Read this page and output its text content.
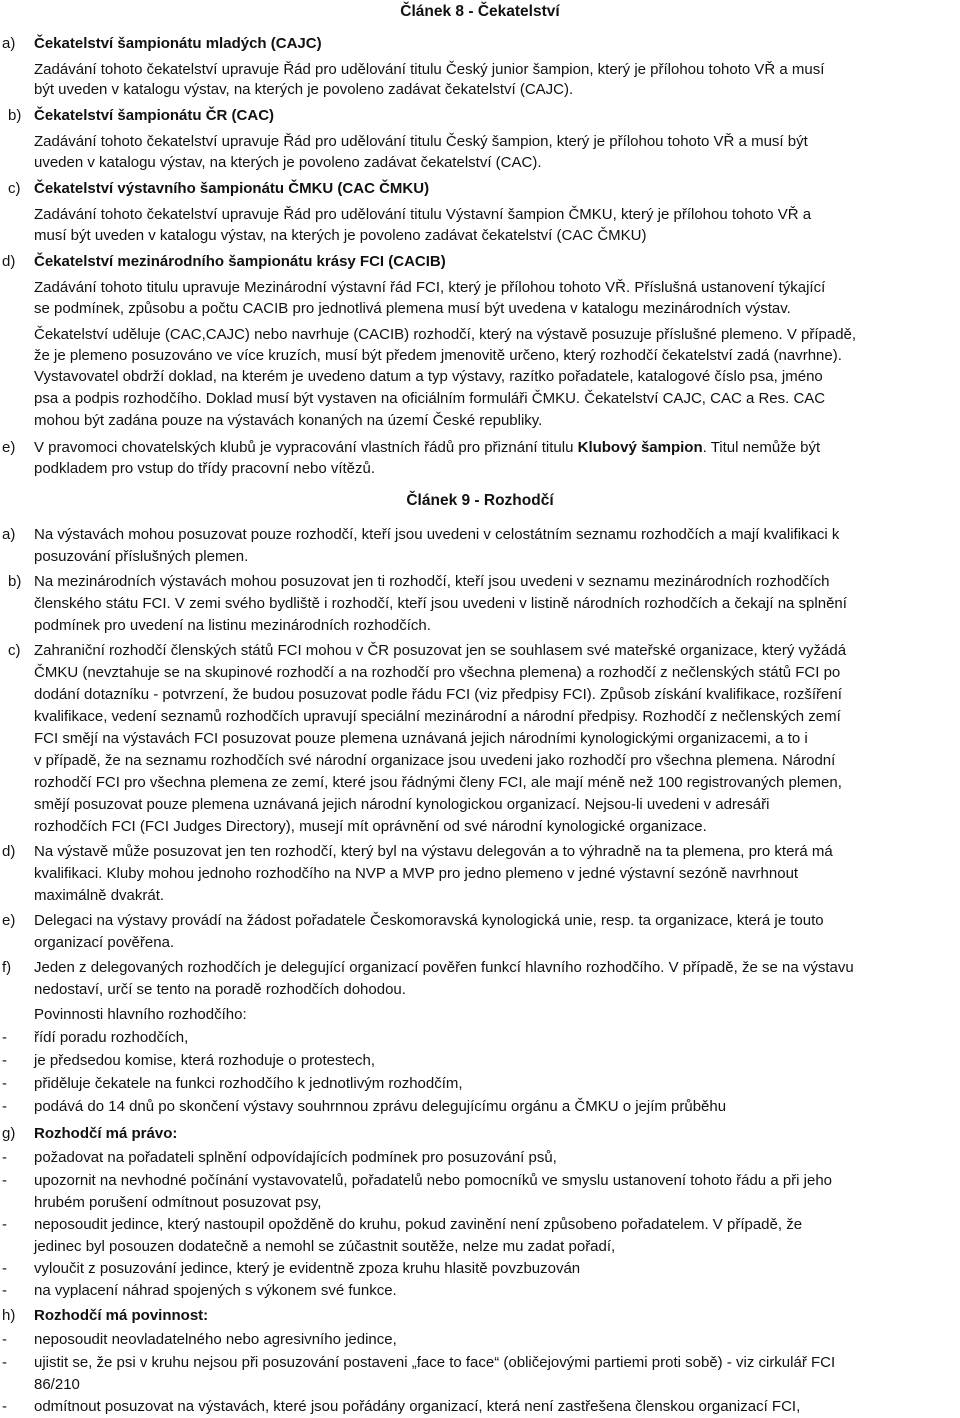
Článek 8 - Čekatelství
a) Čekatelství šampionátu mladých (CAJC)
Zadávání tohoto čekatelství upravuje Řád pro udělování titulu Český junior šampion, který je přílohou tohoto VŘ a musí
být uveden v katalogu výstav, na kterých je povoleno zadávat čekatelství (CAJC).
b) Čekatelství šampionátu ČR (CAC)
Zadávání tohoto čekatelství upravuje Řád pro udělování titulu Český šampion, který je přílohou tohoto VŘ a musí být
uveden v katalogu výstav, na kterých je povoleno zadávat čekatelství (CAC).
c) Čekatelství výstavního šampionátu ČMKU (CAC ČMKU)
Zadávání tohoto čekatelství upravuje Řád pro udělování titulu Výstavní šampion ČMKU, který je přílohou tohoto VŘ a
musí být uveden v katalogu výstav, na kterých je povoleno zadávat čekatelství (CAC ČMKU)
d) Čekatelství mezinárodního šampionátu krásy FCI (CACIB)
Zadávání tohoto titulu upravuje Mezinárodní výstavní řád FCI, který je přílohou tohoto VŘ. Příslušná ustanovení týkající
se podmínek, způsobu a počtu CACIB pro jednotlivá plemena musí být uvedena v katalogu mezinárodních výstav.
Čekatelství uděluje (CAC,CAJC) nebo navrhuje (CACIB) rozhodčí, který na výstavě posuzuje příslušné plemeno. V případě,
že je plemeno posuzováno ve více kruzích, musí být předem jmenovitě určeno, který rozhodčí čekatelství zadá (navrhne).
Vystavovatel obdrží doklad, na kterém je uvedeno datum a typ výstavy, razítko pořadatele, katalogové číslo psa, jméno
psa a podpis rozhodčího. Doklad musí být vystaven na oficiálním formuláři ČMKU. Čekatelství CAJC, CAC a Res. CAC
mohou být zadána pouze na výstavách konaných na území České republiky.
e) V pravomoci chovatelských klubů je vypracování vlastních řádů pro přiznání titulu Klubový šampion. Titul nemůže být
podkladem pro vstup do třídy pracovní nebo vítězů.
Článek 9 - Rozhodčí
a) Na výstavách mohou posuzovat pouze rozhodčí, kteří jsou uvedeni v celostátním seznamu rozhodčích a mají kvalifikaci k
posuzování příslušných plemen.
b) Na mezinárodních výstavách mohou posuzovat jen ti rozhodčí, kteří jsou uvedeni v seznamu mezinárodních rozhodčích
členského státu FCI. V zemi svého bydliště i rozhodčí, kteří jsou uvedeni v listině národních rozhodčích a čekají na splnění
podmínek pro uvedení na listinu mezinárodních rozhodčích.
c) Zahraniční rozhodčí členských států FCI mohou v ČR posuzovat jen se souhlasem své mateřské organizace, který vyžádá
ČMKU (nevztahuje se na skupinové rozhodčí a na rozhodčí pro všechna plemena) a rozhodčí z nečlenských států FCI po
dodání dotazníku - potvrzení, že budou posuzovat podle řádu FCI (viz předpisy FCI). Způsob získání kvalifikace, rozšíření
kvalifikace, vedení seznamů rozhodčích upravují speciální mezinárodní a národní předpisy. Rozhodčí z nečlenských zemí
FCI smějí na výstavách FCI posuzovat pouze plemena uznávaná jejich národními kynologickými organizacemi, a to i
v případě, že na seznamu rozhodčích své národní organizace jsou uvedeni jako rozhodčí pro všechna plemena. Národní
rozhodčí FCI pro všechna plemena ze zemí, které jsou řádnými členy FCI, ale mají méně než 100 registrovaných plemen,
smějí posuzovat pouze plemena uznávaná jejich národní kynologickou organizací. Nejsou-li uvedeni v adresáři
rozhodčích FCI (FCI Judges Directory), musejí mít oprávnění od své národní kynologické organizace.
d) Na výstavě může posuzovat jen ten rozhodčí, který byl na výstavu delegován a to výhradně na ta plemena, pro která má
kvalifikaci. Kluby mohou jednoho rozhodčího na NVP a MVP pro jedno plemeno v jedné výstavní sezóně navrhnout
maximálně dvakrát.
e) Delegaci na výstavy provádí na žádost pořadatele Českomoravská kynologická unie, resp. ta organizace, která je touto
organizací pověřena.
f) Jeden z delegovaných rozhodčích je delegující organizací pověřen funkcí hlavního rozhodčího. V případě, že se na výstavu
nedostaví, určí se tento na poradě rozhodčích dohodou.
Povinnosti hlavního rozhodčího:
- řídí poradu rozhodčích,
- je předsedou komise, která rozhoduje o protestech,
- přiděluje čekatele na funkci rozhodčího k jednotlivým rozhodčím,
- podává do 14 dnů po skončení výstavy souhrnnou zprávu delegujícímu orgánu a ČMKU o jejím průběhu
g) Rozhodčí má právo:
- požadovat na pořadateli splnění odpovídajících podmínek pro posuzování psů,
- upozornit na nevhodné počínání vystavovatelů, pořadatelů nebo pomocníků ve smyslu ustanovení tohoto řádu a při jeho
hrubém porušení odmítnout posuzovat psy,
- neposoudit jedince, který nastoupil opožděně do kruhu, pokud zavinění není způsobeno pořadatelem. V případě, že
jedinec byl posouzen dodatečně a nemohl se zúčastnit soutěže, nelze mu zadat pořadí,
- vyloučit z posuzování jedince, který je evidentně zpoza kruhu hlasitě povzbuzován
- na vyplacení náhrad spojených s výkonem své funkce.
h) Rozhodčí má povinnost:
- neposoudit neovladatelného nebo agresivního jedince,
- ujistit se, že psi v kruhu nejsou při posuzování postaveni „face to face“ (obličejovými partiemi proti sobě) - viz cirkulář FCI
86/210
- odmítnout posuzovat na výstavách, které jsou pořádány organizací, která není zastřešena členskou organizací FCI,
